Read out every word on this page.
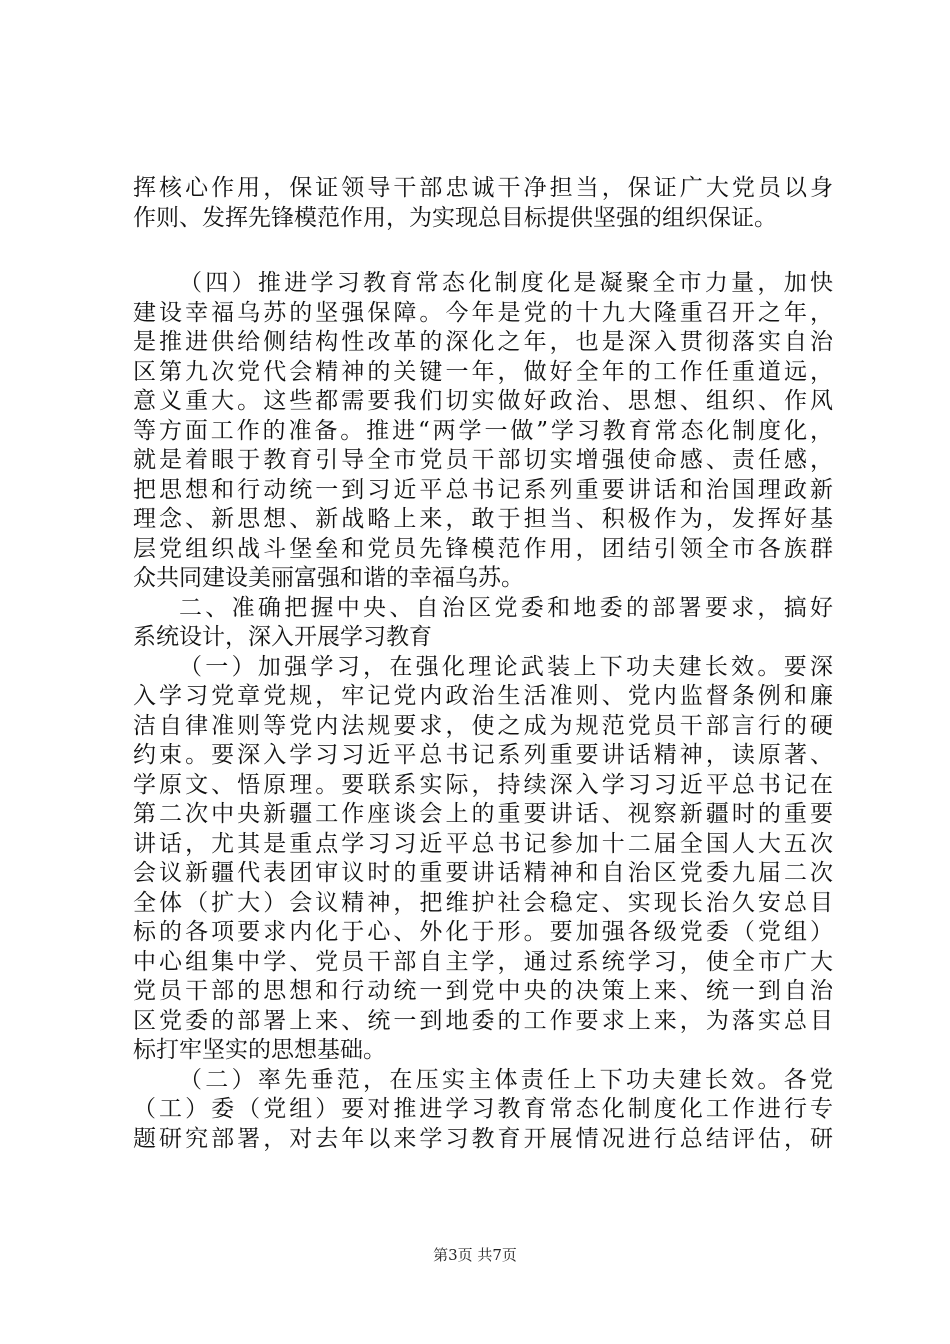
挥核心作用，保证领导干部忠诚干净担当，保证广大党员以身
作则、发挥先锋模范作用，为实现总目标提供坚强的组织保证。
（四）推进学习教育常态化制度化是凝聚全市力量，加快
建设幸福乌苏的坚强保障。今年是党的十九大隆重召开之年，
是推进供给侧结构性改革的深化之年，也是深入贯彻落实自治
区第九次党代会精神的关键一年，做好全年的工作任重道远，
意义重大。这些都需要我们切实做好政治、思想、组织、作风
等方面工作的准备。推进“两学一做”学习教育常态化制度化，
就是着眼于教育引导全市党员干部切实增强使命感、责任感，
把思想和行动统一到习近平总书记系列重要讲话和治国理政新
理念、新思想、新战略上来，敢于担当、积极作为，发挥好基
层党组织战斗堡垒和党员先锋模范作用，团结引领全市各族群
众共同建设美丽富强和谐的幸福乌苏。
二、准确把握中央、自治区党委和地委的部署要求，搞好
系统设计，深入开展学习教育
（一）加强学习，在强化理论武装上下功夫建长效。要深
入学习党章党规，牢记党内政治生活准则、党内监督条例和廉
洁自律准则等党内法规要求，使之成为规范党员干部言行的硬
约束。要深入学习习近平总书记系列重要讲话精神，读原著、
学原文、悟原理。要联系实际，持续深入学习习近平总书记在
第二次中央新疆工作座谈会上的重要讲话、视察新疆时的重要
讲话，尤其是重点学习习近平总书记参加十二届全国人大五次
会议新疆代表团审议时的重要讲话精神和自治区党委九届二次
全体（扩大）会议精神，把维护社会稳定、实现长治久安总目
标的各项要求内化于心、外化于形。要加强各级党委（党组）
中心组集中学、党员干部自主学，通过系统学习，使全市广大
党员干部的思想和行动统一到党中央的决策上来、统一到自治
区党委的部署上来、统一到地委的工作要求上来，为落实总目
标打牢坚实的思想基础。
（二）率先垂范，在压实主体责任上下功夫建长效。各党
（工）委（党组）要对推进学习教育常态化制度化工作进行专
题研究部署，对去年以来学习教育开展情况进行总结评估，研
第3页 共7页
